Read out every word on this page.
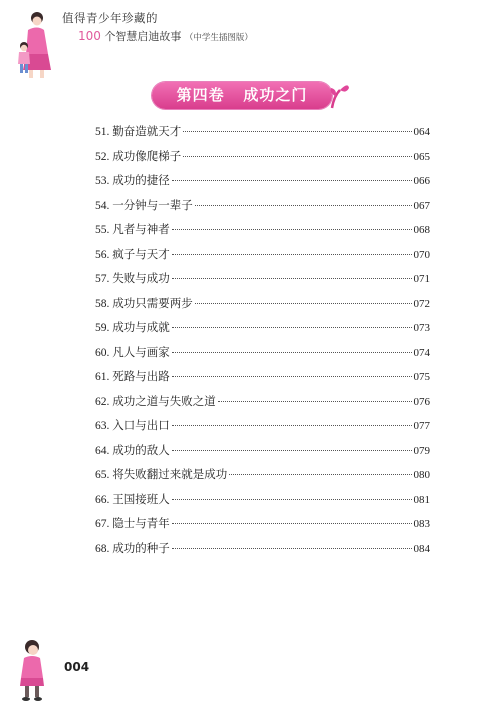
值得青少年珍藏的
100 个智慧启迪故事 （中学生插图版）
第四卷   成功之门
51. 勤奋造就天才	064
52. 成功像爬梯子	065
53. 成功的捷径	066
54. 一分钟与一辈子	067
55. 凡者与神者	068
56. 疯子与天才	070
57. 失败与成功	071
58. 成功只需要两步	072
59. 成功与成就	073
60. 凡人与画家	074
61. 死路与出路	075
62. 成功之道与失败之道	076
63. 入口与出口	077
64. 成功的敌人	079
65. 将失败翻过来就是成功	080
66. 王国接班人	081
67. 隐士与青年	083
68. 成功的种子	084
004
